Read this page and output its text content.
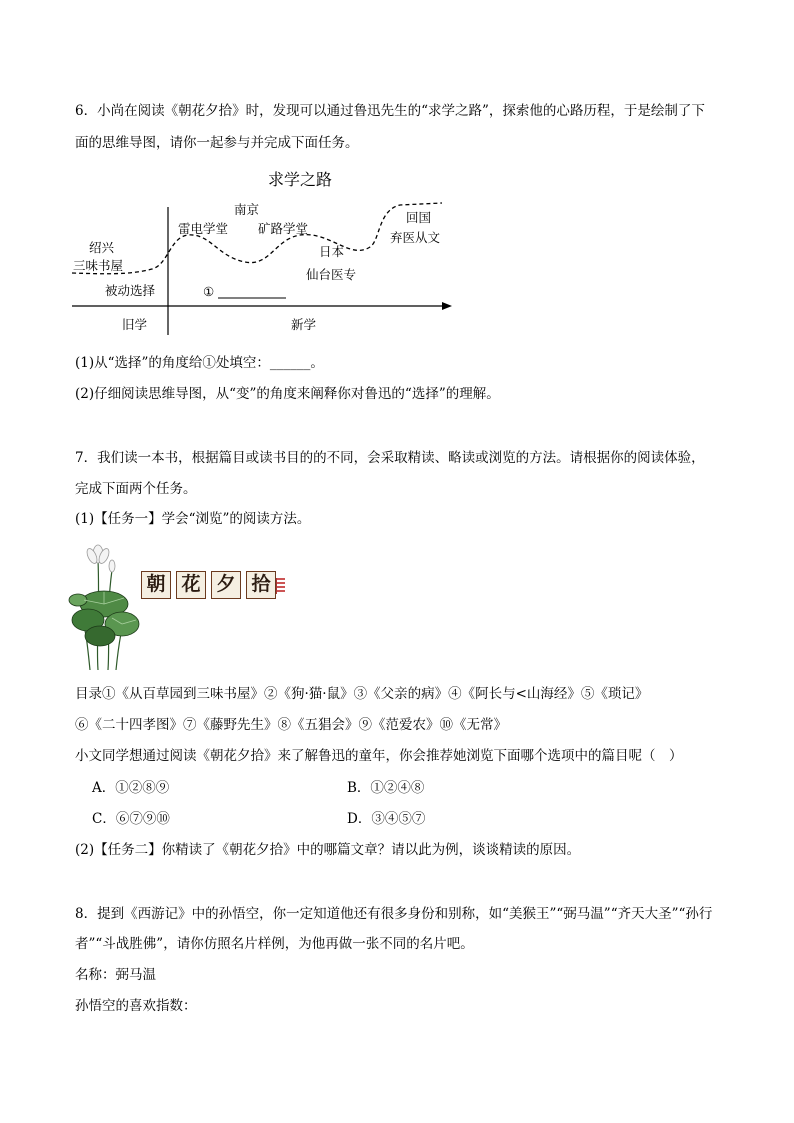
6．小尚在阅读《朝花夕拾》时，发现可以通过鲁迅先生的“求学之路”，探索他的心路历程，于是绘制了下
面的思维导图，请你一起参与并完成下面任务。
求学之路
南京
雷电学堂 矿路学堂
绍兴
三味书屋
日本
仙台医专
回国
弃医从文
被动选择	①
旧学	新学
(1)从“选择”的角度给①处填空：______。
(2)仔细阅读思维导图，从“变”的角度来阐释你对鲁迅的“选择”的理解。
7．我们读一本书，根据篇目或读书目的的不同，会采取精读、略读或浏览的方法。请根据你的阅读体验，
完成下面两个任务。
(1)【任务一】学会“浏览”的阅读方法。
朝 花 夕 拾
目录①《从百草园到三味书屋》②《狗·猫·鼠》③《父亲的病》④《阿长与<山海经》⑤《琐记》
⑥《二十四孝图》⑦《藤野先生》⑧《五猖会》⑨《范爱农》⑩《无常》
小文同学想通过阅读《朝花夕拾》来了解鲁迅的童年，你会推荐她浏览下面哪个选项中的篇目呢（　）
A．①②⑧⑨	B．①②④⑧
C．⑥⑦⑨⑩	D．③④⑤⑦
(2)【任务二】你精读了《朝花夕拾》中的哪篇文章？请以此为例，谈谈精读的原因。
8．提到《西游记》中的孙悟空，你一定知道他还有很多身份和别称，如“美猴王”“弼马温”“齐天大圣”“孙行
者”“斗战胜佛”，请你仿照名片样例，为他再做一张不同的名片吧。
名称：弼马温
孙悟空的喜欢指数：
